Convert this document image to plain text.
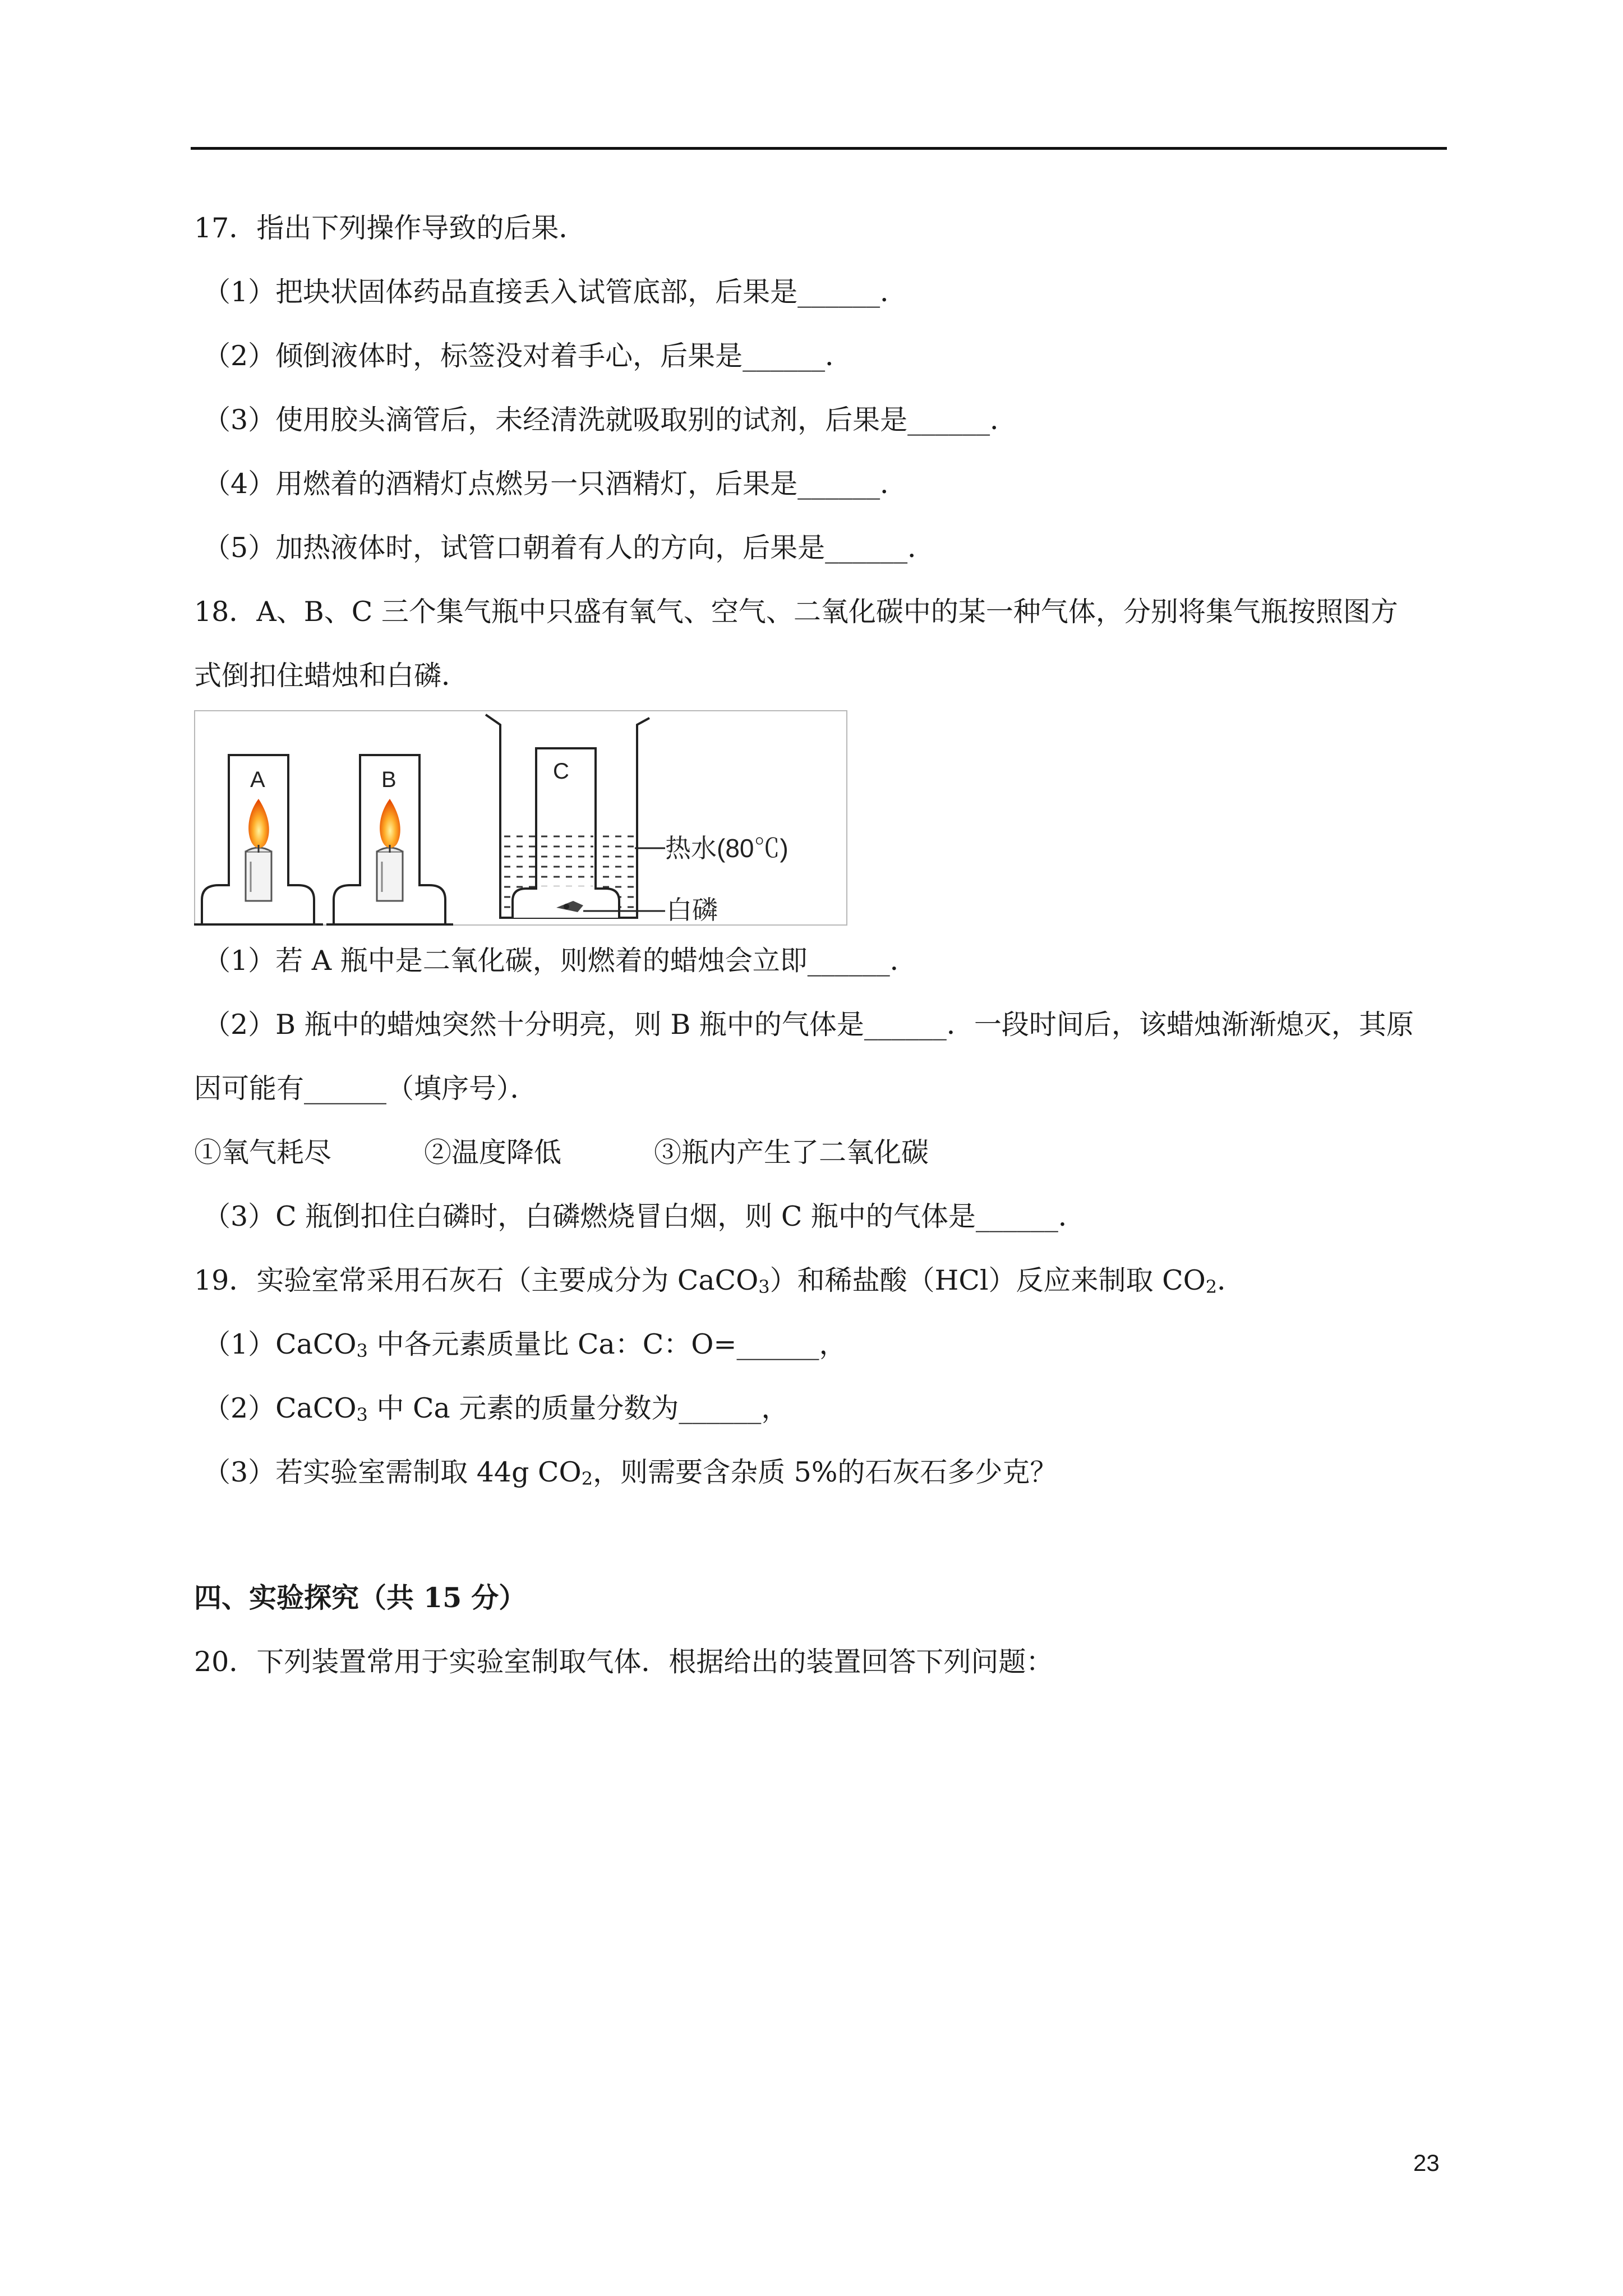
17．指出下列操作导致的后果．
（1）把块状固体药品直接丢入试管底部，后果是______．
（2）倾倒液体时，标签没对着手心，后果是______．
（3）使用胶头滴管后，未经清洗就吸取别的试剂，后果是______．
（4）用燃着的酒精灯点燃另一只酒精灯，后果是______．
（5）加热液体时，试管口朝着有人的方向，后果是______．
18．A、B、C 三个集气瓶中只盛有氧气、空气、二氧化碳中的某一种气体，分别将集气瓶按照图方
式倒扣住蜡烛和白磷．
A	B	C
热水(80℃)
白磷
（1）若 A 瓶中是二氧化碳，则燃着的蜡烛会立即______．
（2）B 瓶中的蜡烛突然十分明亮，则 B 瓶中的气体是______．一段时间后，该蜡烛渐渐熄灭，其原
因可能有______（填序号）．
①氧气耗尽	②温度降低	③瓶内产生了二氧化碳
（3）C 瓶倒扣住白磷时，白磷燃烧冒白烟，则 C 瓶中的气体是______．
19．实验室常采用石灰石（主要成分为 CaCO$_3$）和稀盐酸（HCl）反应来制取 $CO_2$．
（1）CaCO$_3$ 中各元素质量比 Ca：C：O=______，
（2）CaCO$_3$ 中 Ca 元素的质量分数为______，
（3）若实验室需制取 44g $CO_2$，则需要含杂质 5%的石灰石多少克？
四、实验探究（共 15 分）
20．下列装置常用于实验室制取气体．根据给出的装置回答下列问题：
23
